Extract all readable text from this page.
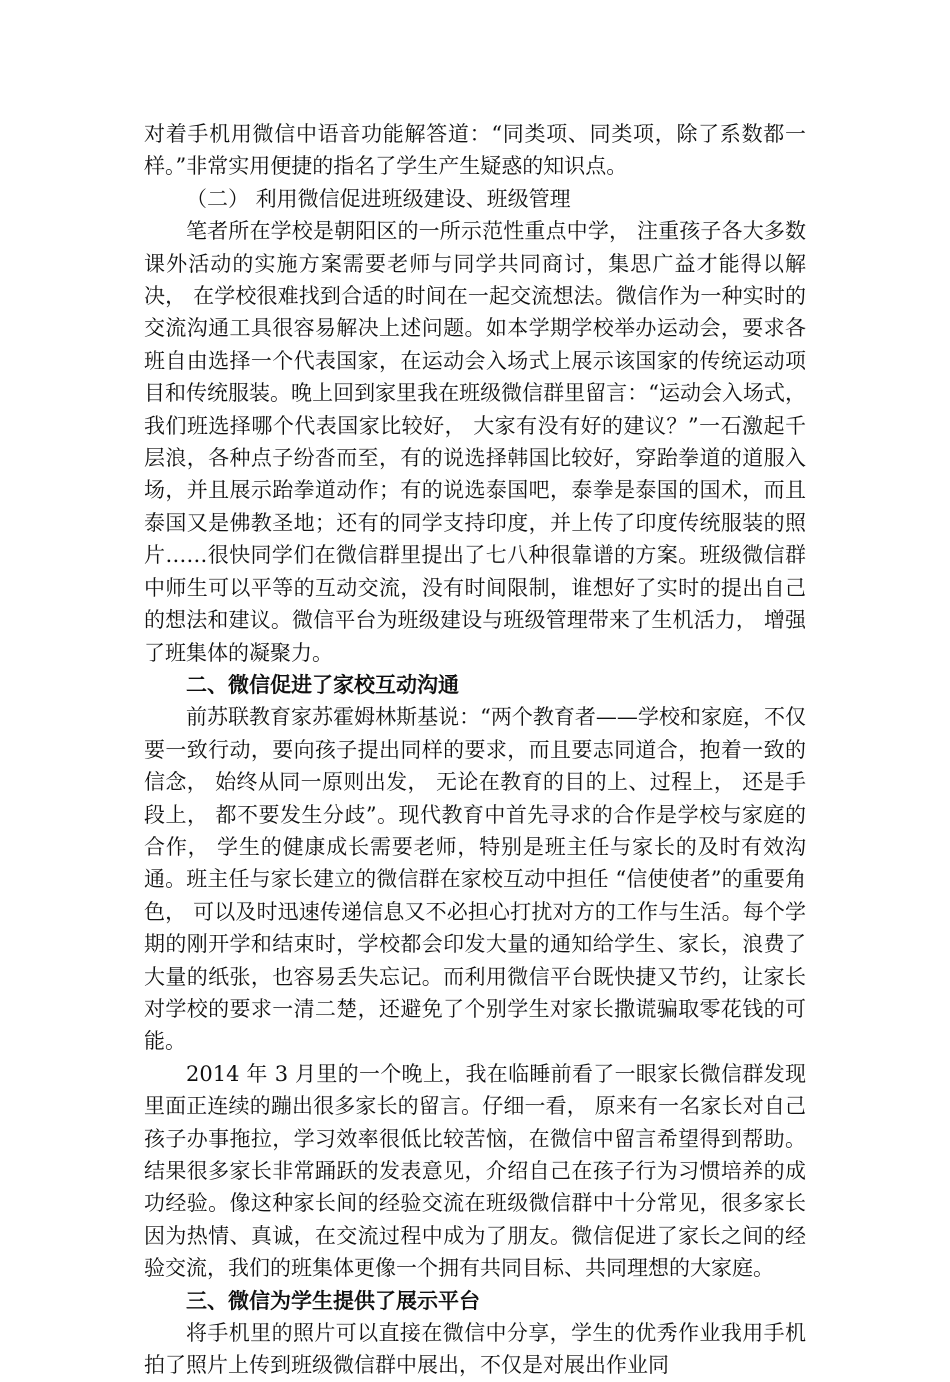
对着手机用微信中语音功能解答道：“同类项、同类项，除了系数都一样。”非常实用便捷的指名了学生产生疑惑的知识点。

（二） 利用微信促进班级建设、班级管理

笔者所在学校是朝阳区的一所示范性重点中学， 注重孩子各大多数课外活动的实施方案需要老师与同学共同商讨，集思广益才能得以解决， 在学校很难找到合适的时间在一起交流想法。微信作为一种实时的交流沟通工具很容易解决上述问题。如本学期学校举办运动会，要求各班自由选择一个代表国家，在运动会入场式上展示该国家的传统运动项目和传统服装。晚上回到家里我在班级微信群里留言：“运动会入场式， 我们班选择哪个代表国家比较好， 大家有没有好的建议？”一石激起千层浪，各种点子纷沓而至，有的说选择韩国比较好，穿跆拳道的道服入场，并且展示跆拳道动作；有的说选泰国吧，泰拳是泰国的国术，而且泰国又是佛教圣地；还有的同学支持印度，并上传了印度传统服装的照片……很快同学们在微信群里提出了七八种很靠谱的方案。班级微信群中师生可以平等的互动交流，没有时间限制，谁想好了实时的提出自己的想法和建议。微信平台为班级建设与班级管理带来了生机活力， 增强了班集体的凝聚力。

二、微信促进了家校互动沟通

前苏联教育家苏霍姆林斯基说：“两个教育者——学校和家庭，不仅要一致行动，要向孩子提出同样的要求，而且要志同道合，抱着一致的信念， 始终从同一原则出发， 无论在教育的目的上、过程上， 还是手段上， 都不要发生分歧”。现代教育中首先寻求的合作是学校与家庭的合作， 学生的健康成长需要老师，特别是班主任与家长的及时有效沟通。班主任与家长建立的微信群在家校互动中担任 “信使使者”的重要角色， 可以及时迅速传递信息又不必担心打扰对方的工作与生活。每个学期的刚开学和结束时，学校都会印发大量的通知给学生、家长，浪费了大量的纸张，也容易丢失忘记。而利用微信平台既快捷又节约，让家长对学校的要求一清二楚，还避免了个别学生对家长撒谎骗取零花钱的可能。

2014 年 3 月里的一个晚上，我在临睡前看了一眼家长微信群发现里面正连续的蹦出很多家长的留言。仔细一看， 原来有一名家长对自己孩子办事拖拉，学习效率很低比较苦恼，在微信中留言希望得到帮助。结果很多家长非常踊跃的发表意见，介绍自己在孩子行为习惯培养的成功经验。像这种家长间的经验交流在班级微信群中十分常见，很多家长因为热情、真诚，在交流过程中成为了朋友。微信促进了家长之间的经验交流，我们的班集体更像一个拥有共同目标、共同理想的大家庭。

三、微信为学生提供了展示平台

将手机里的照片可以直接在微信中分享，学生的优秀作业我用手机拍了照片上传到班级微信群中展出，不仅是对展出作业同
